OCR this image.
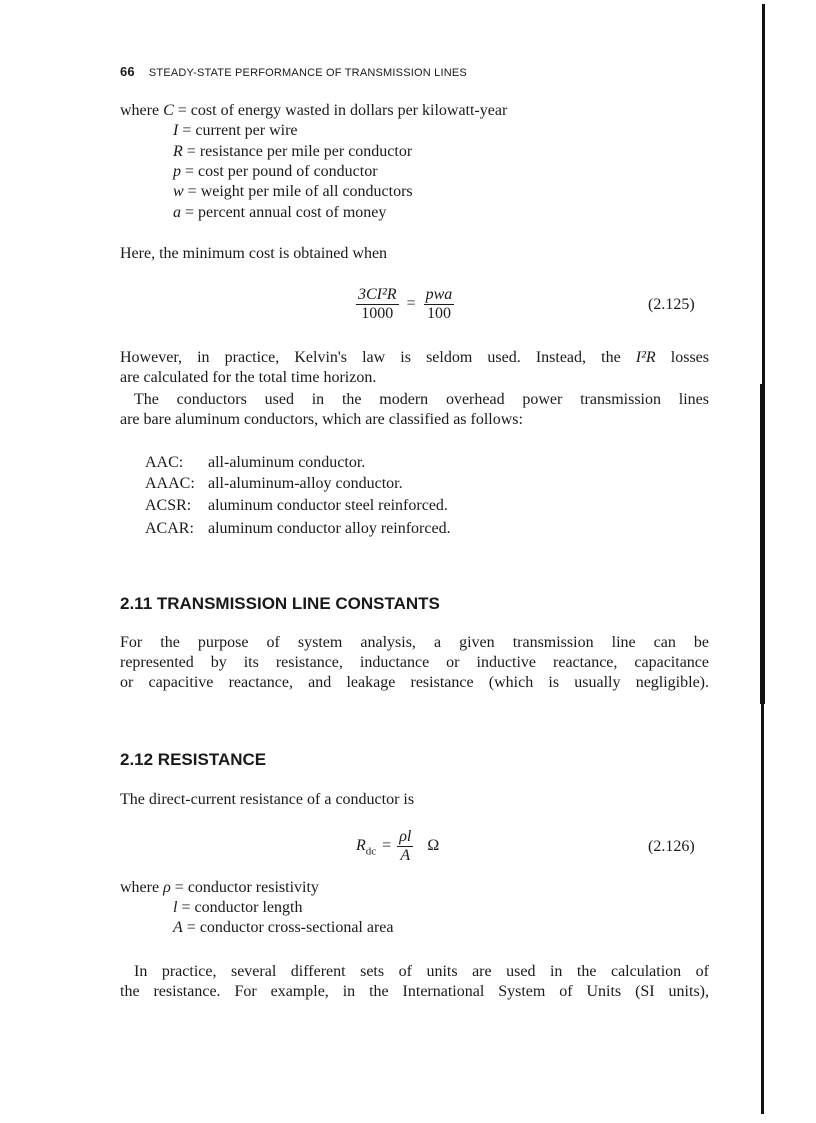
66 STEADY-STATE PERFORMANCE OF TRANSMISSION LINES
where C = cost of energy wasted in dollars per kilowatt-year
I = current per wire
R = resistance per mile per conductor
p = cost per pound of conductor
w = weight per mile of all conductors
a = percent annual cost of money
Here, the minimum cost is obtained when
$\frac{\text{3CI²R}}{1000} = \frac{\text{pwa}}{100}$	(2.125)
However, in practice, Kelvin's law is seldom used. Instead, the I²R losses
are calculated for the total time horizon.
The conductors used in the modern overhead power transmission lines
are bare aluminum conductors, which are classified as follows:
AAC: all-aluminum conductor.
AAAC: all-aluminum-alloy conductor.
ACSR: aluminum conductor steel reinforced.
ACAR: aluminum conductor alloy reinforced.
2.11 TRANSMISSION LINE CONSTANTS
For the purpose of system analysis, a given transmission line can be
represented by its resistance, inductance or inductive reactance, capacitance
or capacitive reactance, and leakage resistance (which is usually negligible).
2.12 RESISTANCE
The direct-current resistance of a conductor is
$R_{dc} = \frac{\rho l}{A}$ Ω	(2.126)
where ρ = conductor resistivity
l = conductor length
A = conductor cross-sectional area
In practice, several different sets of units are used in the calculation of
the resistance. For example, in the International System of Units (SI units),
